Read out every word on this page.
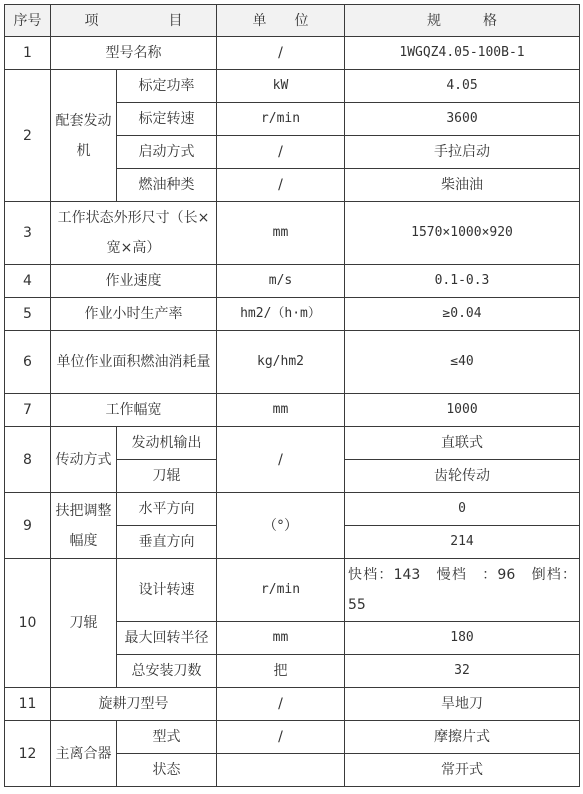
序号	项　　　　　目		单　　位	规　　　格
1	型号名称		/	1WGQZ4.05-100B-1
2	配套发动机	标定功率	kW	4.05
		标定转速	r/min	3600
		启动方式	/	手拉启动
		燃油种类	/	柴油油
3	工作状态外形尺寸（长×宽×高）		mm	1570×1000×920
4	作业速度		m/s	0.1-0.3
5	作业小时生产率		hm2/（h·m）	≥0.04
6	单位作业面积燃油消耗量		kg/hm2	≤40
7	工作幅宽		mm	1000
8	传动方式	发动机输出	/	直联式
		刀辊		齿轮传动
9	扶把调整幅度	水平方向	（°）	0
		垂直方向		214
10	刀辊	设计转速	r/min	快档：143　慢档　：96　倒档：55
		最大回转半径	mm	180
		总安装刀数	把	32
11	旋耕刀型号		/	旱地刀
12	主离合器	型式	/	摩擦片式
		状态		常开式
